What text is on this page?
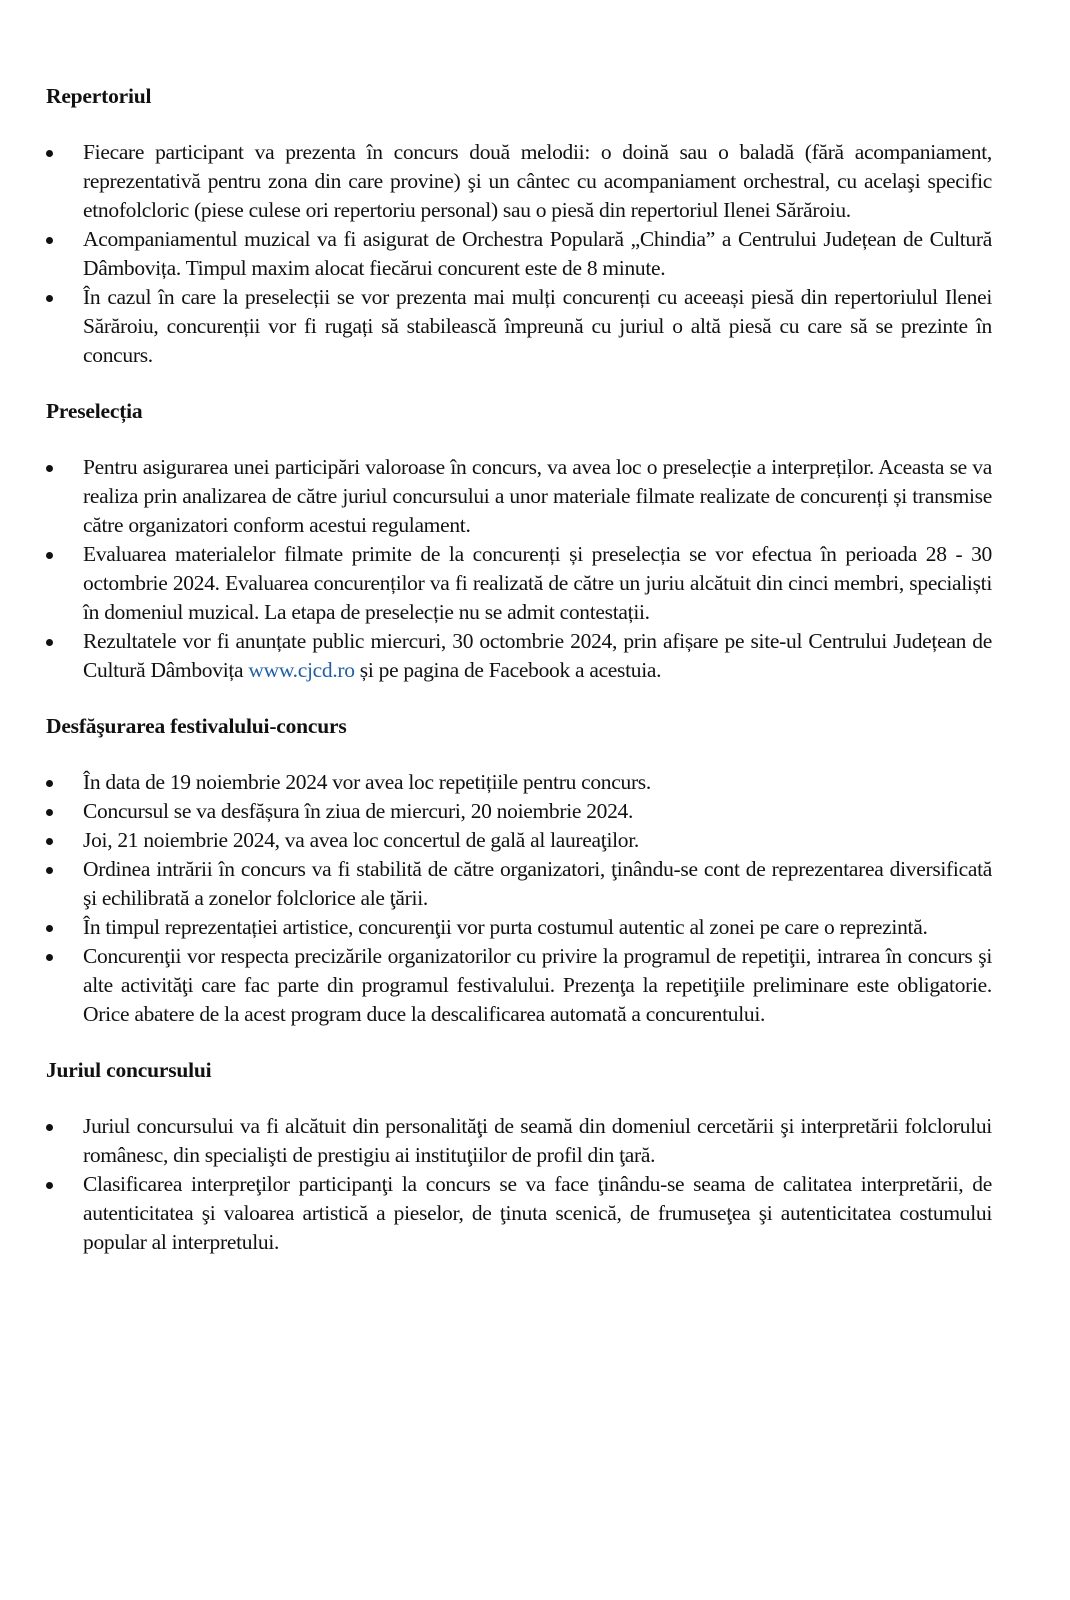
Repertoriul
Fiecare participant va prezenta în concurs două melodii: o doină sau o baladă (fără acompaniament, reprezentativă pentru zona din care provine) şi un cântec cu acompaniament orchestral, cu acelaşi specific etnofolcloric (piese culese ori repertoriu personal) sau o piesă din repertoriul Ilenei Sărăroiu.
Acompaniamentul muzical va fi asigurat de Orchestra Populară „Chindia” a Centrului Județean de Cultură Dâmbovița. Timpul maxim alocat fiecărui concurent este de 8 minute.
În cazul în care la preselecții se vor prezenta mai mulți concurenți cu aceeași piesă din repertoriulul Ilenei Sărăroiu, concurenții vor fi rugați să stabilească împreună cu juriul o altă piesă cu care să se prezinte în concurs.
Preselecția
Pentru asigurarea unei participări valoroase în concurs, va avea loc o preselecție a interpreților. Aceasta se va realiza prin analizarea de către juriul concursului a unor materiale filmate realizate de concurenți și transmise către organizatori conform acestui regulament.
Evaluarea materialelor filmate primite de la concurenți și preselecția se vor efectua în perioada 28 - 30 octombrie 2024. Evaluarea concurenților va fi realizată de către un juriu alcătuit din cinci membri, specialiști în domeniul muzical. La etapa de preselecție nu se admit contestații.
Rezultatele vor fi anunțate public miercuri, 30 octombrie 2024, prin afișare pe site-ul Centrului Județean de Cultură Dâmbovița www.cjcd.ro și pe pagina de Facebook a acestuia.
Desfăşurarea festivalului-concurs
În data de 19 noiembrie 2024 vor avea loc repetițiile pentru concurs.
Concursul se va desfășura în ziua de miercuri, 20 noiembrie 2024.
Joi, 21 noiembrie 2024, va avea loc concertul de gală al laureaţilor.
Ordinea intrării în concurs va fi stabilită de către organizatori, ţinându-se cont de reprezentarea diversificată şi echilibrată a zonelor folclorice ale ţării.
În timpul reprezentației artistice, concurenţii vor purta costumul autentic al zonei pe care o reprezintă.
Concurenţii vor respecta precizările organizatorilor cu privire la programul de repetiţii, intrarea în concurs şi alte activităţi care fac parte din programul festivalului. Prezenţa la repetiţiile preliminare este obligatorie. Orice abatere de la acest program duce la descalificarea automată a concurentului.
Juriul concursului
Juriul concursului va fi alcătuit din personalităţi de seamă din domeniul cercetării şi interpretării folclorului românesc, din specialişti de prestigiu ai instituţiilor de profil din ţară.
Clasificarea interpreţilor participanţi la concurs se va face ţinându-se seama de calitatea interpretării, de autenticitatea şi valoarea artistică a pieselor, de ţinuta scenică, de frumuseţea şi autenticitatea costumului popular al interpretului.
